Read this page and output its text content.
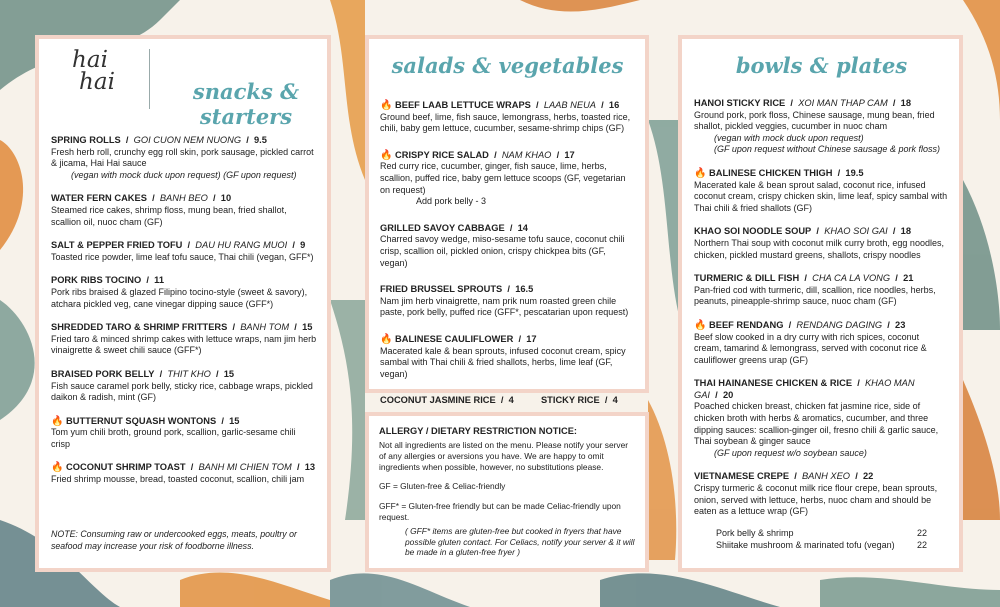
hai
hai	snacks & starters
SPRING ROLLS  /  GOI CUON NEM NUONG  /  9.5
Fresh herb roll, crunchy egg roll skin, pork sausage, pickled carrot & jicama, Hai Hai sauce
(vegan with mock duck upon request) (GF upon request)
WATER FERN CAKES  /  BANH BEO  /  10
Steamed rice cakes, shrimp floss, mung bean, fried shallot, scallion oil, nuoc cham (GF)
SALT & PEPPER FRIED TOFU  /  DAU HU RANG MUOI  /  9
Toasted rice powder, lime leaf tofu sauce, Thai chili (vegan, GFF*)
PORK RIBS TOCINO  /  11
Pork ribs braised & glazed Filipino tocino-style (sweet & savory), atchara pickled veg, cane vinegar dipping sauce (GFF*)
SHREDDED TARO & SHRIMP FRITTERS  /  BANH TOM  /  15
Fried taro & minced shrimp cakes with lettuce wraps, nam jim herb vinaigrette & sweet chili sauce (GFF*)
BRAISED PORK BELLY  /  THIT KHO  /  15
Fish sauce caramel pork belly, sticky rice, cabbage wraps, pickled daikon & radish, mint (GF)
🔥 BUTTERNUT SQUASH WONTONS  /  15
Tom yum chili broth, ground pork, scallion, garlic-sesame chili crisp
🔥 COCONUT SHRIMP TOAST  /  BANH MI CHIEN TOM  /  13
Fried shrimp mousse, bread, toasted coconut, scallion, chili jam
NOTE: Consuming raw or undercooked eggs, meats, poultry or seafood may increase your risk of foodborne illness.
salads & vegetables
🔥 BEEF LAAB LETTUCE WRAPS  /  LAAB NEUA  /  16
Ground beef, lime, fish sauce, lemongrass, herbs, toasted rice, chili, baby gem lettuce, cucumber, sesame-shrimp chips (GF)
🔥 CRISPY RICE SALAD  /  NAM KHAO  /  17
Red curry rice, cucumber, ginger, fish sauce, lime, herbs, scallion, puffed rice, baby gem lettuce scoops (GF, vegetarian on request)
Add pork belly - 3
GRILLED SAVOY CABBAGE  /  14
Charred savoy wedge, miso-sesame tofu sauce, coconut chili crisp, scallion oil, pickled onion, crispy chickpea bits (GF, vegan)
FRIED BRUSSEL SPROUTS  /  16.5
Nam jim herb vinaigrette, nam prik num roasted green chile paste, pork belly, puffed rice (GFF*, pescatarian upon request)
🔥 BALINESE CAULIFLOWER  /  17
Macerated kale & bean sprouts, infused coconut cream, spicy sambal with Thai chili & fried shallots, herbs, lime leaf (GF, vegan)
COCONUT JASMINE RICE  /  4	STICKY RICE  /  4
ALLERGY / DIETARY RESTRICTION NOTICE:

Not all ingredients are listed on the menu. Please notify your server of any allergies or aversions you have. We are happy to omit ingredients when possible, however, no substitutions please.

GF = Gluten-free & Celiac-friendly

GFF* = Gluten-free friendly but can be made Celiac-friendly upon request.

( GFF* items are gluten-free but cooked in fryers that have possible gluten contact. For Celiacs, notify your server & it will be made in a gluten-free fryer )

bowls & plates
HANOI STICKY RICE  /  XOI MAN THAP CAM  /  18
Ground pork, pork floss, Chinese sausage, mung bean, fried shallot, pickled veggies, cucumber in nuoc cham
(vegan with mock duck upon request)
(GF upon request without Chinese sausage & pork floss)
🔥 BALINESE CHICKEN THIGH  /  19.5
Macerated kale & bean sprout salad, coconut rice, infused coconut cream, crispy chicken skin, lime leaf, spicy sambal with Thai chili & fried shallots (GF)
KHAO SOI NOODLE SOUP  /  KHAO SOI GAI  /  18
Northern Thai soup with coconut milk curry broth, egg noodles, chicken, pickled mustard greens, shallots, crispy noodles
TURMERIC & DILL FISH  /  CHA CA LA VONG  /  21
Pan-fried cod with turmeric, dill, scallion, rice noodles, herbs, peanuts, pineapple-shrimp sauce, nuoc cham (GF)
🔥 BEEF RENDANG  /  RENDANG DAGING  /  23
Beef slow cooked in a dry curry with rich spices, coconut cream, tamarind & lemongrass, served with coconut rice & cauliflower greens urap (GF)
THAI HAINANESE CHICKEN & RICE  /  KHAO MAN GAI  /  20
Poached chicken breast, chicken fat jasmine rice, side of chicken broth with herbs & aromatics, cucumber, and three dipping sauces: scallion-ginger oil, fresno chili & garlic sauce, Thai soybean & ginger sauce
(GF upon request w/o soybean sauce)
VIETNAMESE CREPE  /  BANH XEO  /  22
Crispy turmeric & coconut milk rice flour crepe, bean sprouts, onion, served with lettuce, herbs, nuoc cham and should be eaten as a lettuce wrap (GF)
Pork belly & shrimp	22
Shiitake mushroom & marinated tofu (vegan)	22
